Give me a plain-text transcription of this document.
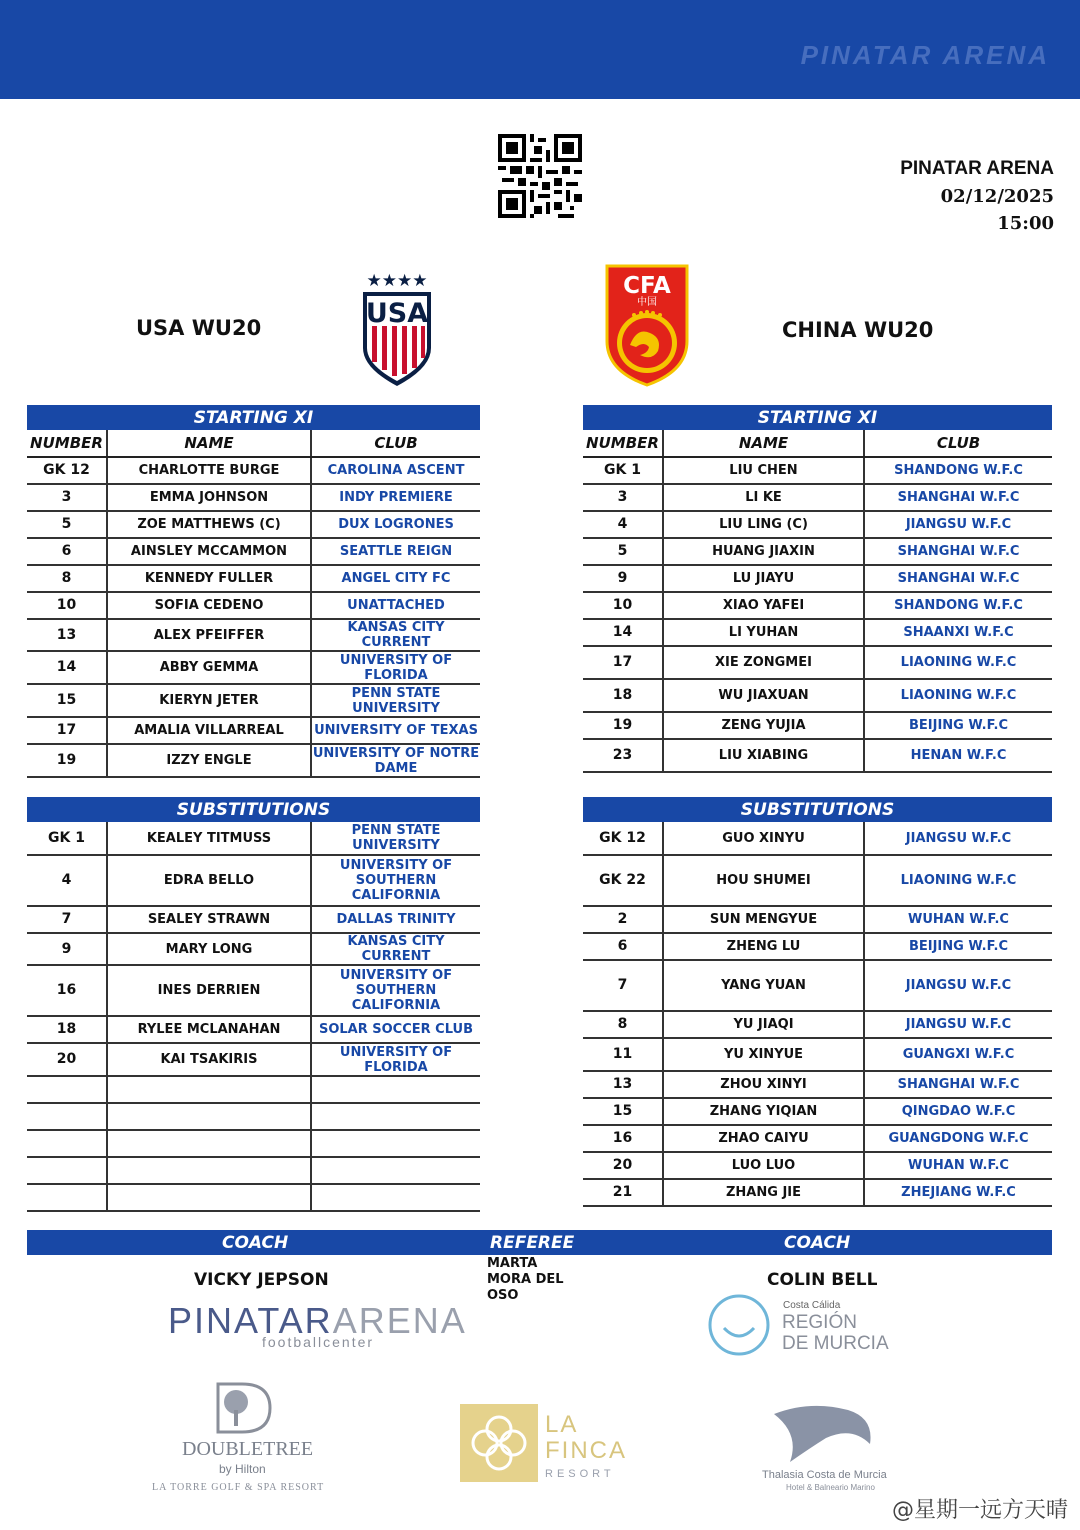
PINATAR ARENA
PINATAR ARENA
02/12/2025
15:00
USA WU20	CHINA WU20
★★★★
USA
CFA
中国
STARTING XI		
NUMBER	NAME	CLUB
GK 12	CHARLOTTE BURGE	CAROLINA ASCENT
3	EMMA JOHNSON	INDY PREMIERE
5	ZOE MATTHEWS (C)	DUX LOGRONES
6	AINSLEY MCCAMMON	SEATTLE REIGN
8	KENNEDY FULLER	ANGEL CITY FC
10	SOFIA CEDENO	UNATTACHED
13	ALEX PFEIFFER	KANSAS CITY CURRENT
14	ABBY GEMMA	UNIVERSITY OF FLORIDA
15	KIERYN JETER	PENN STATE UNIVERSITY
17	AMALIA VILLARREAL	UNIVERSITY OF TEXAS
19	IZZY ENGLE	UNIVERSITY OF NOTRE DAME
STARTING XI		
NUMBER	NAME	CLUB
GK 1	LIU CHEN	SHANDONG W.F.C
3	LI KE	SHANGHAI W.F.C
4	LIU LING (C)	JIANGSU W.F.C
5	HUANG JIAXIN	SHANGHAI W.F.C
9	LU JIAYU	SHANGHAI W.F.C
10	XIAO YAFEI	SHANDONG W.F.C
14	LI YUHAN	SHAANXI W.F.C
17	XIE ZONGMEI	LIAONING W.F.C
18	WU JIAXUAN	LIAONING W.F.C
19	ZENG YUJIA	BEIJING W.F.C
23	LIU XIABING	HENAN W.F.C
SUBSTITUTIONS		
GK 1	KEALEY TITMUSS	PENN STATE UNIVERSITY
4	EDRA BELLO	UNIVERSITY OF SOUTHERN CALIFORNIA
7	SEALEY STRAWN	DALLAS TRINITY
9	MARY LONG	KANSAS CITY CURRENT
16	INES DERRIEN	UNIVERSITY OF SOUTHERN CALIFORNIA
18	RYLEE MCLANAHAN	SOLAR SOCCER CLUB
20	KAI TSAKIRIS	UNIVERSITY OF FLORIDA

SUBSTITUTIONS		
GK 12	GUO XINYU	JIANGSU W.F.C
GK 22	HOU SHUMEI	LIAONING W.F.C
2	SUN MENGYUE	WUHAN W.F.C
6	ZHENG LU	BEIJING W.F.C
7	YANG YUAN	JIANGSU W.F.C
8	YU JIAQI	JIANGSU W.F.C
11	YU XINYUE	GUANGXI W.F.C
13	ZHOU XINYI	SHANGHAI W.F.C
15	ZHANG YIQIAN	QINGDAO W.F.C
16	ZHAO CAIYU	GUANGDONG W.F.C
20	LUO LUO	WUHAN W.F.C
21	ZHANG JIE	ZHEJIANG W.F.C
COACH	REFEREE	COACH
VICKY JEPSON
MARTA MORA DEL OSO
COLIN BELL
PINATARARENA
footballcenter
Costa Cálida
REGIÓN
DE MURCIA
DOUBLETREE
by Hilton
LA TORRE GOLF & SPA RESORT
LA
FINCA
RESORT	Thalasia Costa de Murcia
Hotel & Balneario Marino
@星期一远方天晴
